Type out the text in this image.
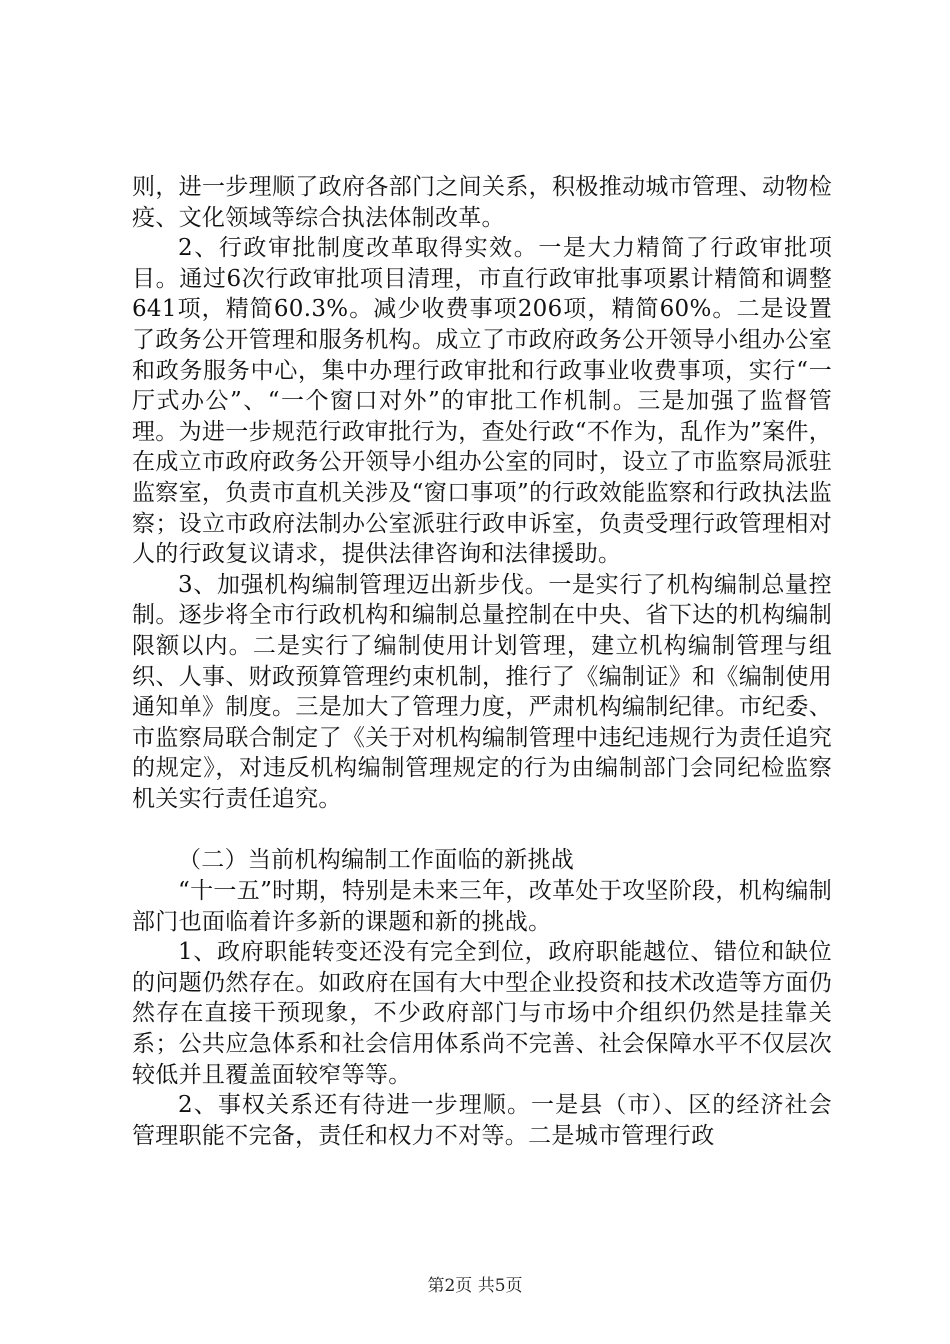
则，进一步理顺了政府各部门之间关系，积极推动城市管理、动物检疫、文化领域等综合执法体制改革。

2、行政审批制度改革取得实效。一是大力精简了行政审批项目。通过6次行政审批项目清理，市直行政审批事项累计精简和调整641项，精简60.3%。减少收费事项206项，精简60%。二是设置了政务公开管理和服务机构。成立了市政府政务公开领导小组办公室和政务服务中心，集中办理行政审批和行政事业收费事项，实行“一厅式办公”、“一个窗口对外”的审批工作机制。三是加强了监督管理。为进一步规范行政审批行为，查处行政“不作为，乱作为”案件，在成立市政府政务公开领导小组办公室的同时，设立了市监察局派驻监察室，负责市直机关涉及“窗口事项”的行政效能监察和行政执法监察；设立市政府法制办公室派驻行政申诉室，负责受理行政管理相对人的行政复议请求，提供法律咨询和法律援助。

3、加强机构编制管理迈出新步伐。一是实行了机构编制总量控制。逐步将全市行政机构和编制总量控制在中央、省下达的机构编制限额以内。二是实行了编制使用计划管理，建立机构编制管理与组织、人事、财政预算管理约束机制，推行了《编制证》和《编制使用通知单》制度。三是加大了管理力度，严肃机构编制纪律。市纪委、市监察局联合制定了《关于对机构编制管理中违纪违规行为责任追究的规定》，对违反机构编制管理规定的行为由编制部门会同纪检监察机关实行责任追究。

（二）当前机构编制工作面临的新挑战

“十一五”时期，特别是未来三年，改革处于攻坚阶段，机构编制部门也面临着许多新的课题和新的挑战。

1、政府职能转变还没有完全到位，政府职能越位、错位和缺位的问题仍然存在。如政府在国有大中型企业投资和技术改造等方面仍然存在直接干预现象，不少政府部门与市场中介组织仍然是挂靠关系；公共应急体系和社会信用体系尚不完善、社会保障水平不仅层次较低并且覆盖面较窄等等。

2、事权关系还有待进一步理顺。一是县（市）、区的经济社会管理职能不完备，责任和权力不对等。二是城市管理行政

第2页 共5页
